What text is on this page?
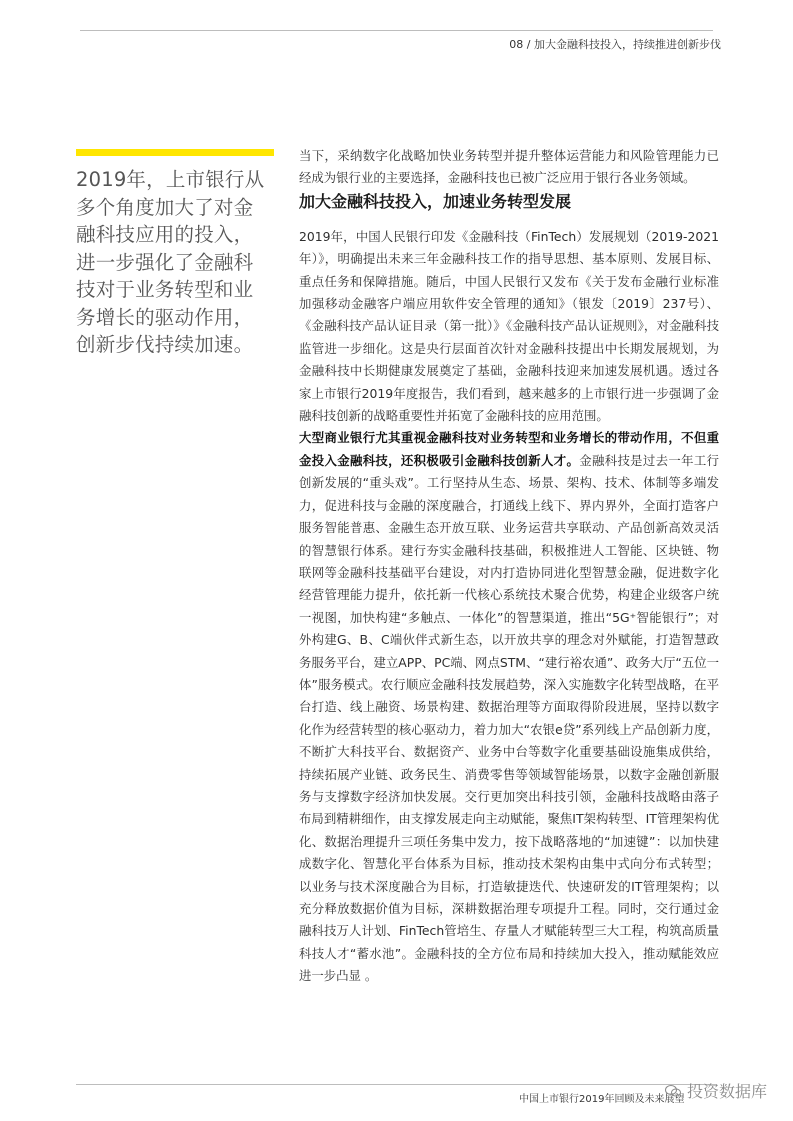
08 / 加大金融科技投入，持续推进创新步伐
2019年，上市银行从多个角度加大了对金融科技应用的投入，进一步强化了金融科技对于业务转型和业务增长的驱动作用，创新步伐持续加速。

当下，采纳数字化战略加快业务转型并提升整体运营能力和风险管理能力已经成为银行业的主要选择，金融科技也已被广泛应用于银行各业务领域。

加大金融科技投入，加速业务转型发展

2019年，中国人民银行印发《金融科技（FinTech）发展规划（2019-2021年）》，明确提出未来三年金融科技工作的指导思想、基本原则、发展目标、重点任务和保障措施。随后，中国人民银行又发布《关于发布金融行业标准加强移动金融客户端应用软件安全管理的通知》（银发〔2019〕237号）、《金融科技产品认证目录（第一批）》《金融科技产品认证规则》，对金融科技监管进一步细化。这是央行层面首次针对金融科技提出中长期发展规划，为金融科技中长期健康发展奠定了基础，金融科技迎来加速发展机遇。透过各家上市银行2019年度报告，我们看到，越来越多的上市银行进一步强调了金融科技创新的战略重要性并拓宽了金融科技的应用范围。

大型商业银行尤其重视金融科技对业务转型和业务增长的带动作用，不但重金投入金融科技，还积极吸引金融科技创新人才。金融科技是过去一年工行创新发展的“重头戏”。工行坚持从生态、场景、架构、技术、体制等多端发力，促进科技与金融的深度融合，打通线上线下、界内界外，全面打造客户服务智能普惠、金融生态开放互联、业务运营共享联动、产品创新高效灵活的智慧银行体系。建行夯实金融科技基础，积极推进人工智能、区块链、物联网等金融科技基础平台建设，对内打造协同进化型智慧金融，促进数字化经营管理能力提升，依托新一代核心系统技术聚合优势，构建企业级客户统一视图，加快构建“多触点、一体化”的智慧渠道，推出“5G⁺智能银行”；对外构建G、B、C端伙伴式新生态，以开放共享的理念对外赋能，打造智慧政务服务平台，建立APP、PC端、网点STM、“建行裕农通”、政务大厅“五位一体”服务模式。农行顺应金融科技发展趋势，深入实施数字化转型战略，在平台打造、线上融资、场景构建、数据治理等方面取得阶段进展，坚持以数字化作为经营转型的核心驱动力，着力加大“农银e贷”系列线上产品创新力度，不断扩大科技平台、数据资产、业务中台等数字化重要基础设施集成供给，持续拓展产业链、政务民生、消费零售等领域智能场景，以数字金融创新服务与支撑数字经济加快发展。交行更加突出科技引领，金融科技战略由落子布局到精耕细作，由支撑发展走向主动赋能，聚焦IT架构转型、IT管理架构优化、数据治理提升三项任务集中发力，按下战略落地的“加速键”：以加快建成数字化、智慧化平台体系为目标，推动技术架构由集中式向分布式转型；以业务与技术深度融合为目标，打造敏捷迭代、快速研发的IT管理架构；以充分释放数据价值为目标，深耕数据治理专项提升工程。同时，交行通过金融科技万人计划、FinTech管培生、存量人才赋能转型三大工程，构筑高质量科技人才“蓄水池”。金融科技的全方位布局和持续加大投入，推动赋能效应进一步凸显 。

中国上市银行2019年回顾及未来展望 投资数据库
